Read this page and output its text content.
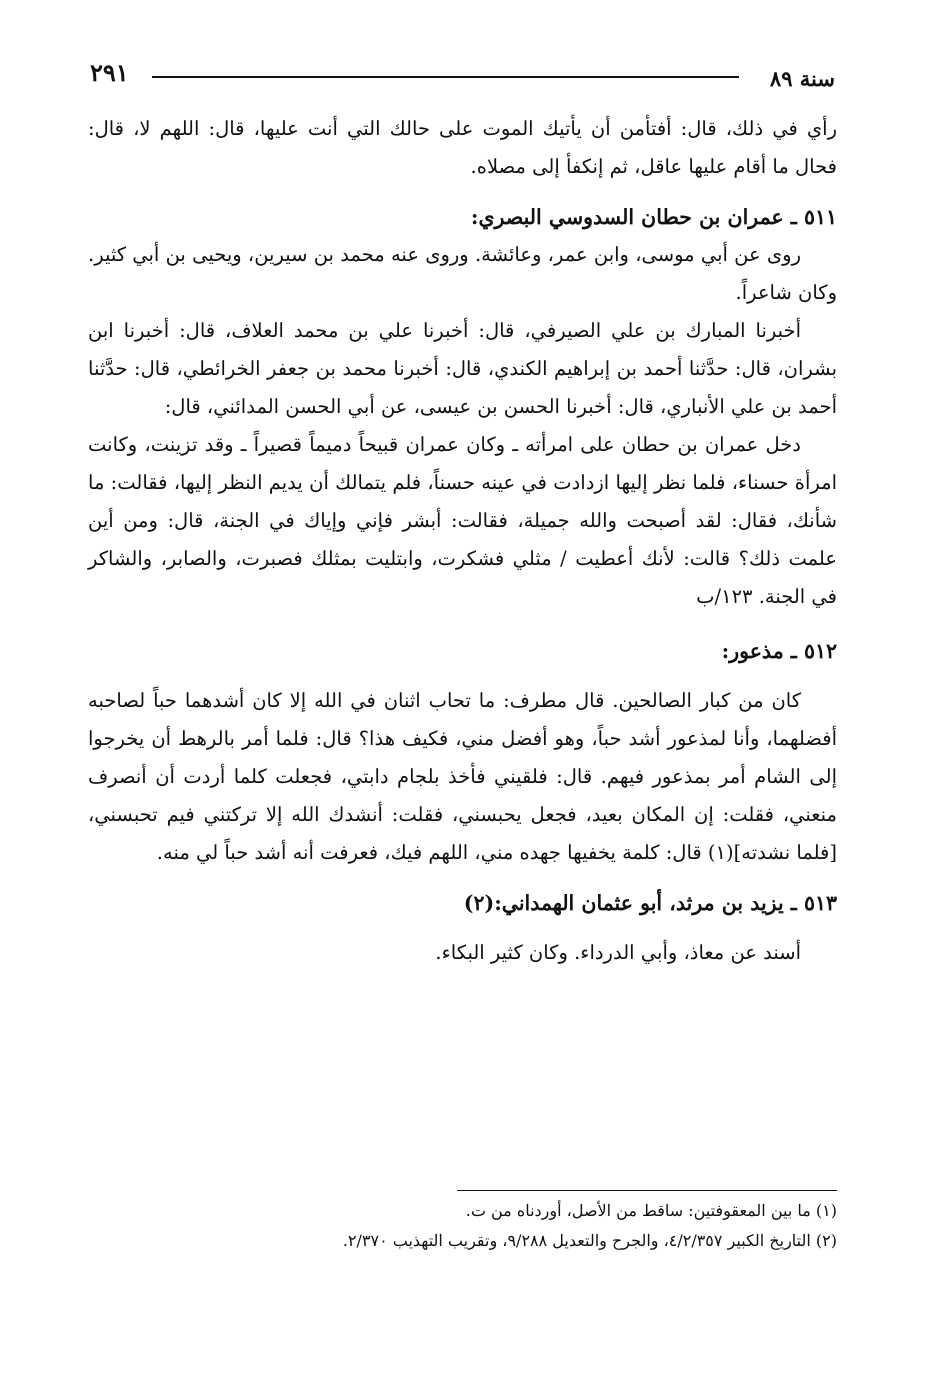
سنة ٨٩
٢٩١

رأي في ذلك، قال: أفتأمن أن يأتيك الموت على حالك التي أنت عليها، قال: اللهم لا، قال: فحال ما أقام عليها عاقل، ثم إنكفأ إلى مصلاه.

٥١١ ـ عمران بن حطان السدوسي البصري:

روى عن أبي موسى، وابن عمر، وعائشة. وروى عنه محمد بن سيرين، ويحيى بن أبي كثير. وكان شاعراً.

أخبرنا المبارك بن علي الصيرفي، قال: أخبرنا علي بن محمد العلاف، قال: أخبرنا ابن بشران، قال: حدَّثنا أحمد بن إبراهيم الكندي، قال: أخبرنا محمد بن جعفر الخرائطي، قال: حدَّثنا أحمد بن علي الأنباري، قال: أخبرنا الحسن بن عيسى، عن أبي الحسن المدائني، قال:

دخل عمران بن حطان على امرأته ـ وكان عمران قبيحاً دميماً قصيراً ـ وقد تزينت، وكانت امرأة حسناء، فلما نظر إليها ازدادت في عينه حسناً، فلم يتمالك أن يديم النظر إليها، فقالت: ما شأنك، فقال: لقد أصبحت والله جميلة، فقالت: أبشر فإني وإياك في الجنة، قال: ومن أين علمت ذلك؟ قالت: لأنك أعطيت / مثلي فشكرت، وابتليت بمثلك فصبرت، والصابر، والشاكر في الجنة. ١٢٣/ب

٥١٢ ـ مذعور:

كان من كبار الصالحين. قال مطرف: ما تحاب اثنان في الله إلا كان أشدهما حباً لصاحبه أفضلهما، وأنا لمذعور أشد حباً، وهو أفضل مني، فكيف هذا؟ قال: فلما أمر بالرهط أن يخرجوا إلى الشام أمر بمذعور فيهم. قال: فلقيني فأخذ بلجام دابتي، فجعلت كلما أردت أن أنصرف منعني، فقلت: إن المكان بعيد، فجعل يحبسني، فقلت: أنشدك الله إلا تركتني فيم تحبسني، [فلما نشدته](١) قال: كلمة يخفيها جهده مني، اللهم فيك، فعرفت أنه أشد حباً لي منه.

٥١٣ ـ يزيد بن مرثد، أبو عثمان الهمداني:(٢)

أسند عن معاذ، وأبي الدرداء. وكان كثير البكاء.

(١) ما بين المعقوفتين: ساقط من الأصل، أوردناه من ت.

(٢) التاريخ الكبير ٤/٢/٣٥٧، والجرح والتعديل ٩/٢٨٨، وتقريب التهذيب ٢/٣٧٠.
